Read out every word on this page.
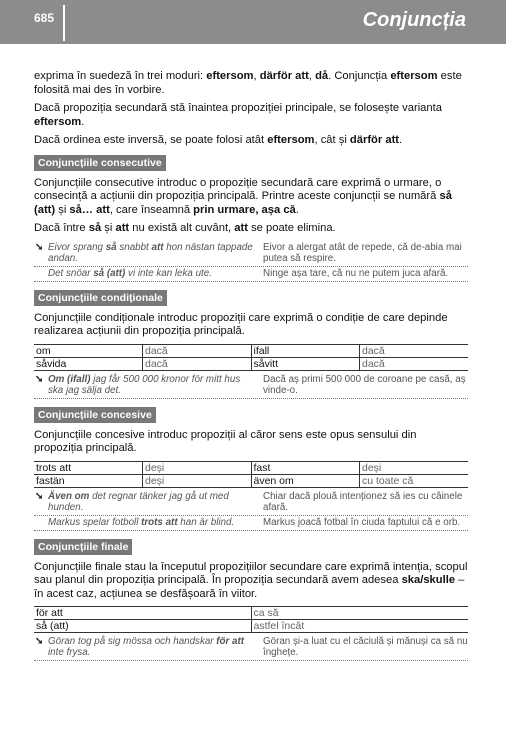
685	Conjuncția

exprima în suedeză în trei moduri: eftersom, därför att, då. Conjuncția eftersom este folosită mai des în vorbire.

Dacă propoziția secundară stă înaintea propoziției principale, se folosește varianta eftersom.

Dacă ordinea este inversă, se poate folosi atât eftersom, cât și därför att.

Conjuncțiile consecutive

Conjuncțiile consecutive introduc o propoziție secundară care exprimă o urmare, o consecință a acțiunii din propoziția principală. Printre aceste conjuncții se numără så (att) și så… att, care înseamnă prin urmare, așa că.

Dacă între så și att nu există alt cuvânt, att se poate elimina.

➘ Eivor sprang så snabbt att hon nästan tappade andan.
Eivor a alergat atât de repede, că de-abia mai putea să respire.
Det snöar så (att) vi inte kan leka ute.	Ninge așa tare, că nu ne putem juca afară.
Conjuncțiile condiționale

Conjuncțiile condiționale introduc propoziții care exprimă o condiție de care depinde realizarea acțiunii din propoziția principală.

om	dacă	ifall	dacă
såvida	dacă	såvitt	dacă
➘ Om (ifall) jag får 500 000 kronor för mitt hus ska jag sälja det.
Dacă aș primi 500 000 de coroane pe casă, aș vinde-o.
Conjuncțiile concesive

Conjuncțiile concesive introduc propoziții al căror sens este opus sensului din propoziția principală.

trots att	deși	fast	deși
fastän	deși	även om	cu toate că
➘ Även om det regnar tänker jag gå ut med hunden.
Chiar dacă plouă intenționez să ies cu câinele afară.
Markus spelar fotboll trots att han är blind.	Markus joacă fotbal în ciuda faptului că e orb.
Conjuncțiile finale

Conjuncțiile finale stau la începutul propozițiilor secundare care exprimă intenția, scopul sau planul din propoziția principală. În propoziția secundară avem adesea ska/skulle – în acest caz, acțiunea se desfășoară în viitor.

för att	ca să
så (att)	astfel încât
➘ Göran tog på sig mössa och handskar för att inte frysa.
Göran și-a luat cu el căciulă și mănuși ca să nu înghețe.
